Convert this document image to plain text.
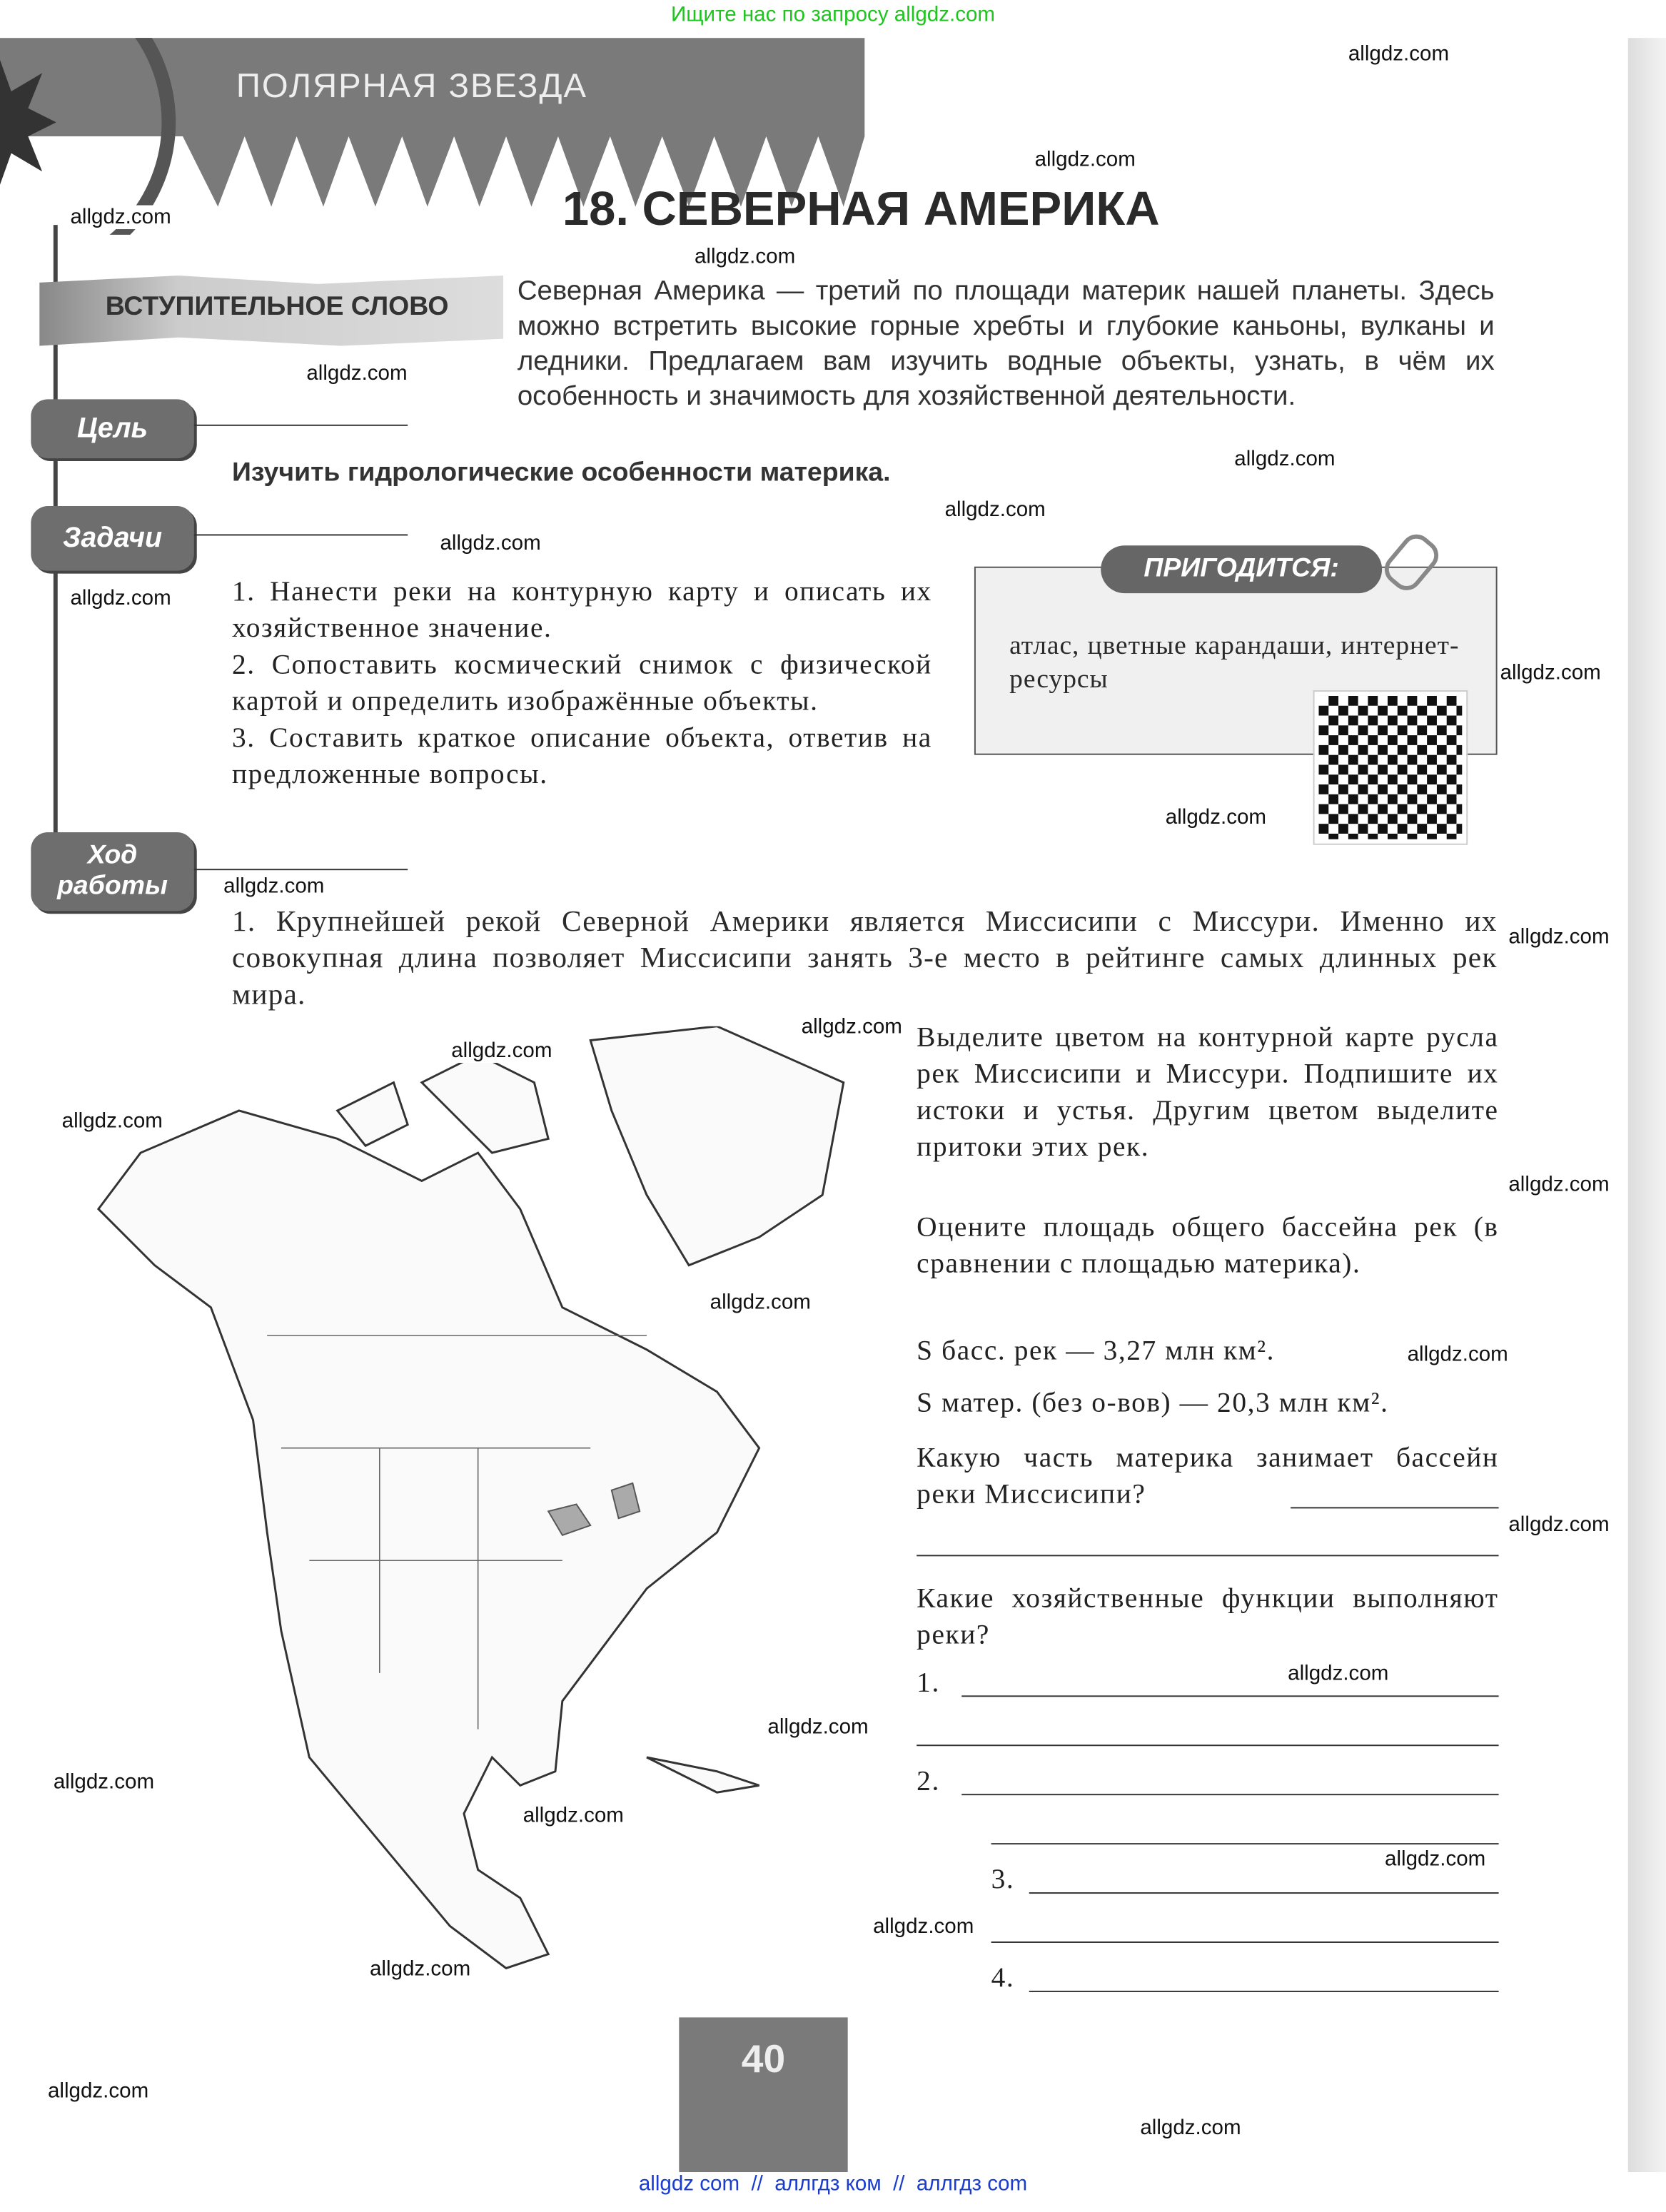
Ищите нас по запросу allgdz.com
ПОЛЯРНАЯ ЗВЕЗДА
18. СЕВЕРНАЯ АМЕРИКА
ВСТУПИТЕЛЬНОЕ СЛОВО
Северная Америка — третий по площади материк нашей планеты. Здесь можно встретить высокие горные хребты и глубокие каньоны, вулканы и ледники. Предлагаем вам изучить водные объекты, узнать, в чём их особенность и значимость для хозяйственной деятельности.
Цель
Изучить гидрологические особенности материка.
Задачи
1. Нанести реки на контурную карту и описать их хозяйственное значение.
2. Сопоставить космический снимок с физической картой и определить изображённые объекты.
3. Составить краткое описание объекта, ответив на предложенные вопросы.
ПРИГОДИТСЯ:
атлас, цветные карандаши, интернет-ресурсы
Ход
работы
1. Крупнейшей рекой Северной Америки является Миссисипи с Миссури. Именно их совокупная длина позволяет Миссисипи занять 3-е место в рейтинге самых длинных рек мира.

Выделите цветом на контурной карте русла рек Миссисипи и Миссури. Подпишите их истоки и устья. Другим цветом выделите притоки этих рек.

Оцените площадь общего бассейна рек (в сравнении с площадью материка).

S басс. рек — 3,27 млн км².

S матер. (без о-вов) — 20,3 млн км².

Какую часть материка занимает бассейн реки Миссисипи?

Какие хозяйственные функции выполняют реки?

1.
2.
3.
4.
40
allgdz.com
allgdz.com
allgdz.com
allgdz.com
allgdz.com
allgdz.com
allgdz.com
allgdz.com
allgdz.com
allgdz.com
allgdz.com
allgdz.com
allgdz.com
allgdz.com
allgdz.com
allgdz.com
allgdz.com
allgdz.com
allgdz.com
allgdz.com
allgdz.com
allgdz.com
allgdz.com
allgdz.com
allgdz.com
allgdz.com
allgdz.com
allgdz.com
allgdz.com
allgdz com  //  аллгдз ком  //  аллгдз com
